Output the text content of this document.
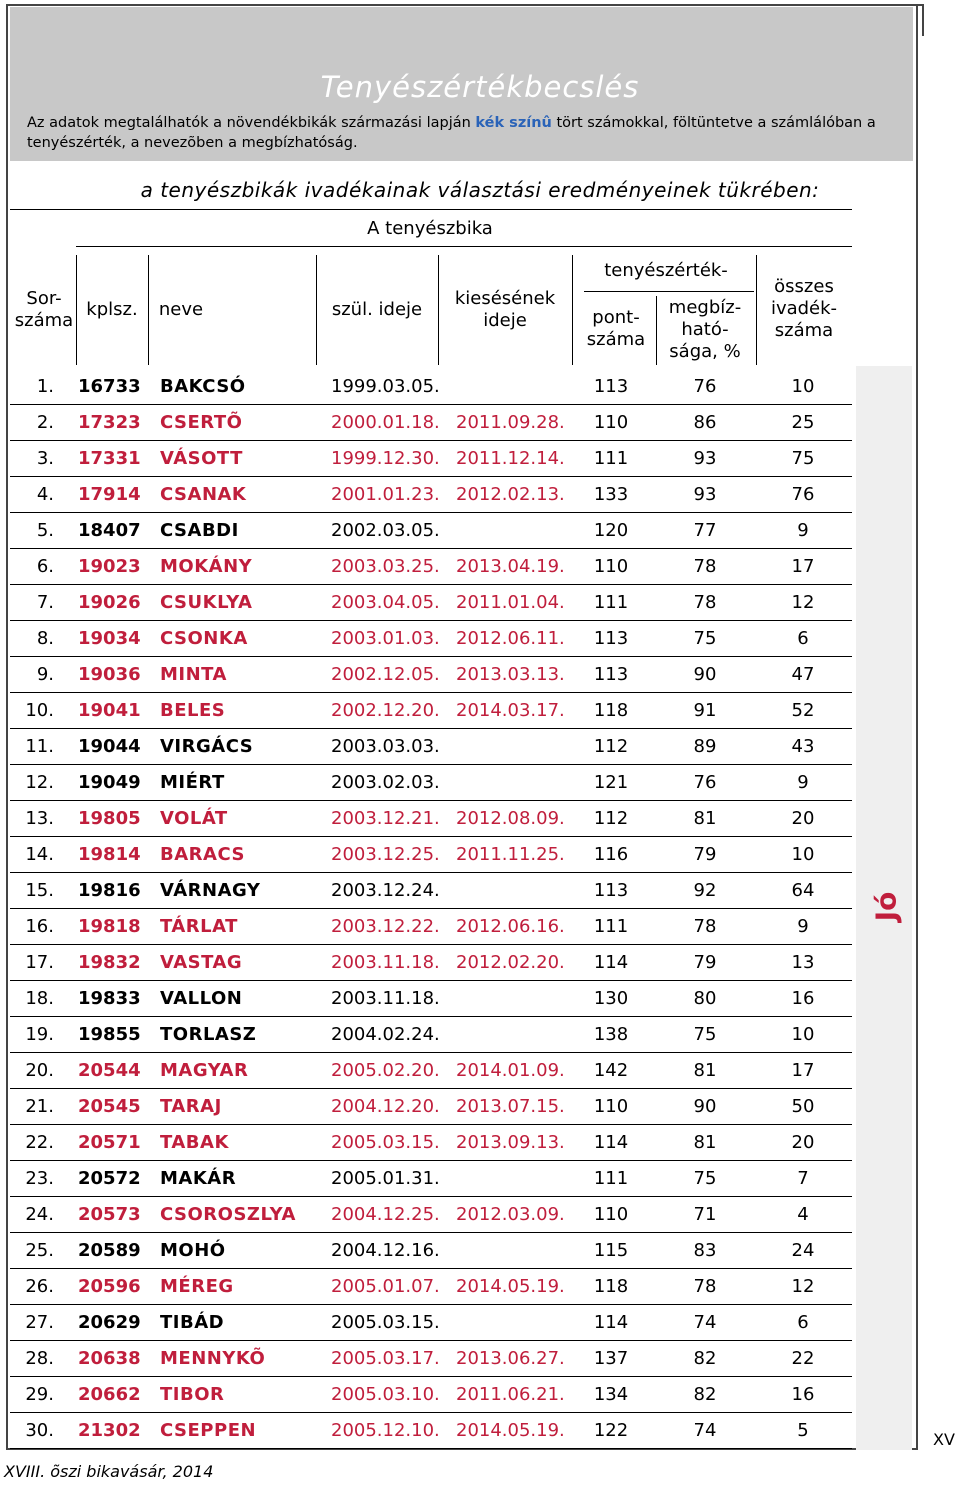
Tenyészértékbecslés
Az adatok megtalálhatók a növendékbikák származási lapján kék színû tört számokkal, föltüntetve a számlálóban a tenyészérték, a nevezõben a megbízhatóság.
a tenyészbikák ivadékainak választási eredményeinek tükrében:
A tenyészbika
Sor-
száma
kplsz.	neve	szül. ideje
kiesésének
ideje
tenyészérték-
pont-
száma
megbíz-
ható-
sága, %
összes
ivadék-
száma
Jó
1. 16733 BAKCSÓ	1999.03.05.	113	76	10
2. 17323 CSERTÕ	2000.01.18. 2011.09.28.	110	86	25
3. 17331 VÁSOTT	1999.12.30. 2011.12.14.	111	93	75
4. 17914 CSANAK	2001.01.23. 2012.02.13.	133	93	76
5. 18407 CSABDI	2002.03.05.	120	77	9
6. 19023 MOKÁNY	2003.03.25. 2013.04.19.	110	78	17
7. 19026 CSUKLYA	2003.04.05. 2011.01.04.	111	78	12
8. 19034 CSONKA	2003.01.03. 2012.06.11.	113	75	6
9. 19036 MINTA	2002.12.05. 2013.03.13.	113	90	47
10. 19041 BELES	2002.12.20. 2014.03.17.	118	91	52
11. 19044 VIRGÁCS	2003.03.03.	112	89	43
12. 19049 MIÉRT	2003.02.03.	121	76	9
13. 19805 VOLÁT	2003.12.21. 2012.08.09.	112	81	20
14. 19814 BARACS	2003.12.25. 2011.11.25.	116	79	10
15. 19816 VÁRNAGY	2003.12.24.	113	92	64
16. 19818 TÁRLAT	2003.12.22. 2012.06.16.	111	78	9
17. 19832 VASTAG	2003.11.18. 2012.02.20.	114	79	13
18. 19833 VALLON	2003.11.18.	130	80	16
19. 19855 TORLASZ	2004.02.24.	138	75	10
20. 20544 MAGYAR	2005.02.20. 2014.01.09.	142	81	17
21. 20545 TARAJ	2004.12.20. 2013.07.15.	110	90	50
22. 20571 TABAK	2005.03.15. 2013.09.13.	114	81	20
23. 20572 MAKÁR	2005.01.31.	111	75	7
24. 20573 CSOROSZLYA 2004.12.25. 2012.03.09.	110	71	4
25. 20589 MOHÓ	2004.12.16.	115	83	24
26. 20596 MÉREG	2005.01.07. 2014.05.19.	118	78	12
27. 20629 TIBÁD	2005.03.15.	114	74	6
28. 20638 MENNYKÕ	2005.03.17. 2013.06.27.	137	82	22
29. 20662 TIBOR	2005.03.10. 2011.06.21.	134	82	16
30. 21302 CSEPPEN	2005.12.10. 2014.05.19.	122	74	5
XVIII. õszi bikavásár, 2014
XV
